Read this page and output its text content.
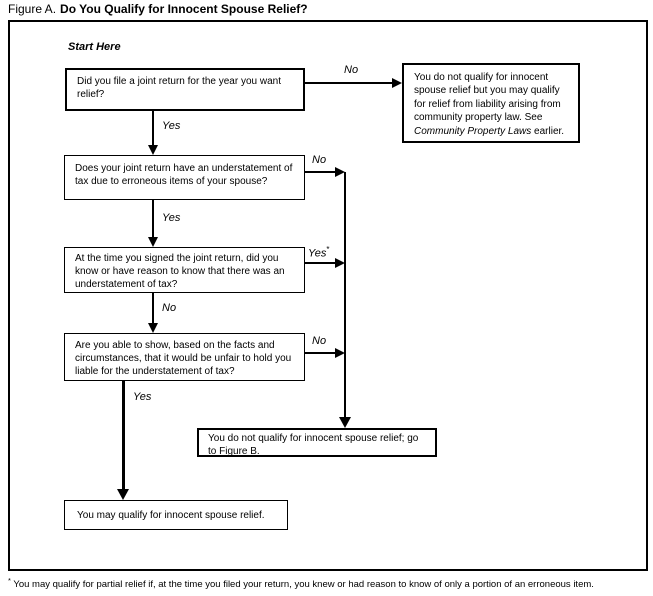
Figure A. Do You Qualify for Innocent Spouse Relief?
Start Here
Did you file a joint return for the year you want relief?
No
You do not qualify for innocent spouse relief but you may qualify for relief from liability arising from community property law. See Community Property Laws earlier.
Yes
Does your joint return have an understatement of tax due to erroneous items of your spouse?
No
Yes
At the time you signed the joint return, did you know or have reason to know that there was an understatement of tax?
Yes*
No
Are you able to show, based on the facts and circumstances, that it would be unfair to hold you liable for the understatement of tax?
No
You do not qualify for innocent spouse relief; go to Figure B.
Yes
You may qualify for innocent spouse relief.
* You may qualify for partial relief if, at the time you filed your return, you knew or had reason to know of only a portion of an erroneous item.
